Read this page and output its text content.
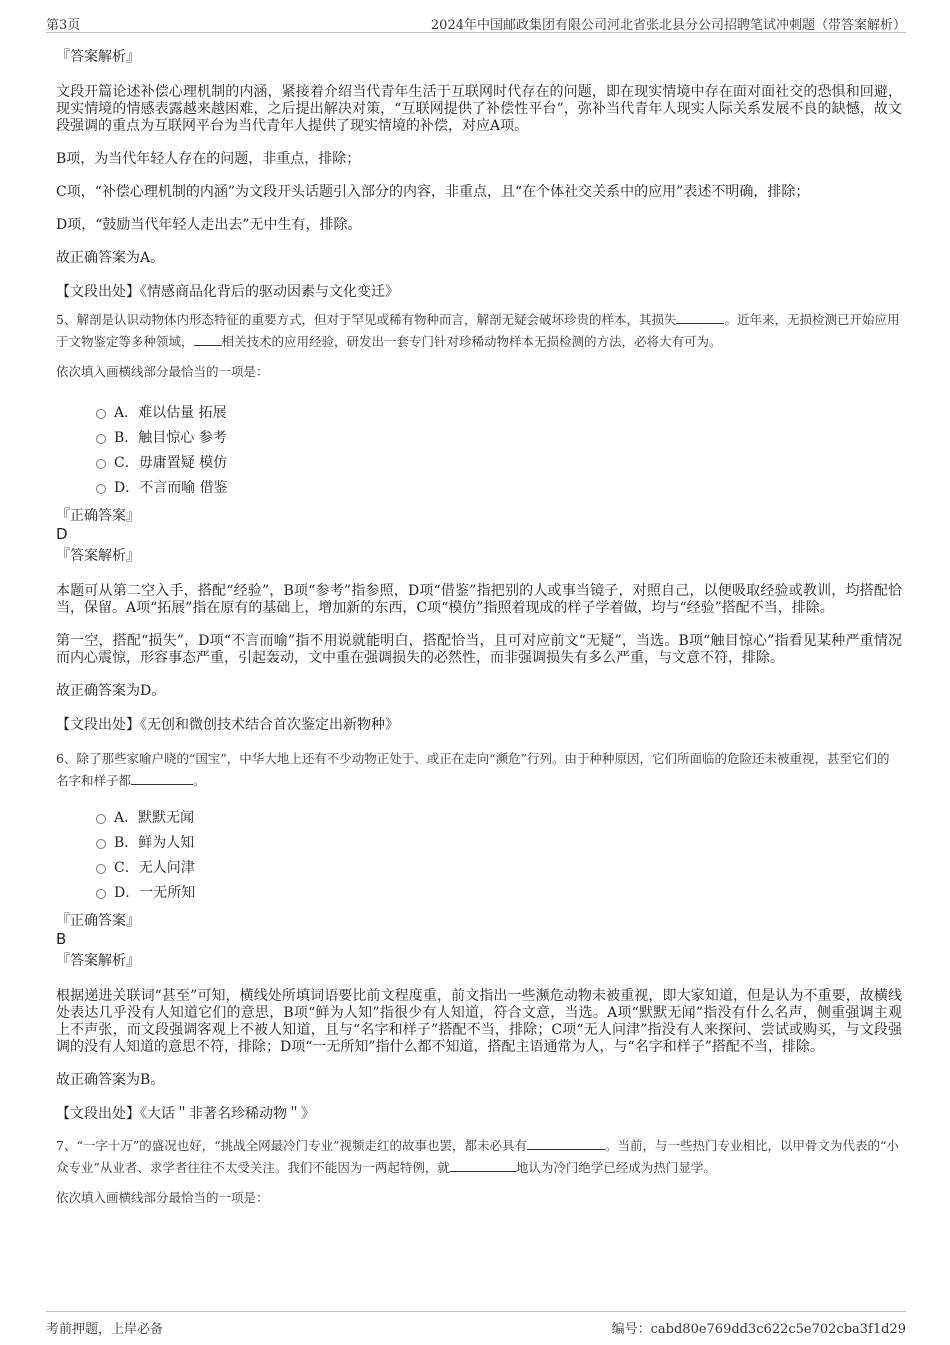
第3页	2024年中国邮政集团有限公司河北省张北县分公司招聘笔试冲刺题（带答案解析）

『答案解析』

文段开篇论述补偿心理机制的内涵，紧接着介绍当代青年生活于互联网时代存在的问题，即在现实情境中存在面对面社交的恐惧和回避，现实情境的情感表露越来越困难，之后提出解决对策，“互联网提供了补偿性平台”，弥补当代青年人现实人际关系发展不良的缺憾，故文段强调的重点为互联网平台为当代青年人提供了现实情境的补偿，对应A项。

B项，为当代年轻人存在的问题，非重点，排除；

C项，“补偿心理机制的内涵”为文段开头话题引入部分的内容，非重点，且“在个体社交关系中的应用”表述不明确，排除；

D项，“鼓励当代年轻人走出去”无中生有，排除。

故正确答案为A。

【文段出处】《情感商品化背后的驱动因素与文化变迁》

5、解剖是认识动物体内形态特征的重要方式，但对于罕见或稀有物种而言，解剖无疑会破坏珍贵的样本，其损失	。近年来，无损检测已开始应用于文物鉴定等多种领域， 相关技术的应用经验，研发出一套专门针对珍稀动物样本无损检测的方法，必将大有可为。

依次填入画横线部分最恰当的一项是：

A．难以估量 拓展
B．触目惊心 参考
C．毋庸置疑 模仿
D．不言而喻 借鉴

『正确答案』

D

『答案解析』

本题可从第二空入手，搭配“经验”，B项“参考”指参照，D项“借鉴”指把别的人或事当镜子，对照自己，以便吸取经验或教训，均搭配恰当，保留。A项“拓展”指在原有的基础上，增加新的东西，C项“模仿”指照着现成的样子学着做，均与“经验”搭配不当，排除。

第一空，搭配“损失”，D项“不言而喻”指不用说就能明白，搭配恰当，且可对应前文“无疑”，当选。B项“触目惊心”指看见某种严重情况而内心震惊，形容事态严重，引起轰动，文中重在强调损失的必然性，而非强调损失有多么严重，与文意不符，排除。

故正确答案为D。

【文段出处】《无创和微创技术结合首次鉴定出新物种》

6、除了那些家喻户晓的“国宝”，中华大地上还有不少动物正处于、或正在走向“濒危”行列。由于种种原因，它们所面临的危险还未被重视，甚至它们的名字和样子都	。

A．默默无闻
B．鲜为人知
C．无人问津
D．一无所知

『正确答案』

B

『答案解析』

根据递进关联词“甚至”可知，横线处所填词语要比前文程度重，前文指出一些濒危动物未被重视，即大家知道，但是认为不重要，故横线处表达几乎没有人知道它们的意思，B项“鲜为人知”指很少有人知道，符合文意，当选。A项“默默无闻”指没有什么名声，侧重强调主观上不声张，而文段强调客观上不被人知道，且与“名字和样子”搭配不当，排除；C项“无人问津”指没有人来探问、尝试或购买，与文段强调的没有人知道的意思不符，排除；D项“一无所知”指什么都不知道，搭配主语通常为人，与“名字和样子”搭配不当，排除。

故正确答案为B。

【文段出处】《大话＂非著名珍稀动物＂》

7、“一字十万”的盛况也好，“挑战全网最冷门专业”视频走红的故事也罢，都未必具有	。当前，与一些热门专业相比，以甲骨文为代表的“小众专业”从业者、求学者往往不太受关注。我们不能因为一两起特例，就	地认为冷门绝学已经成为热门显学。

依次填入画横线部分最恰当的一项是：

考前押题，上岸必备	编号：cabd80e769dd3c622c5e702cba3f1d29
